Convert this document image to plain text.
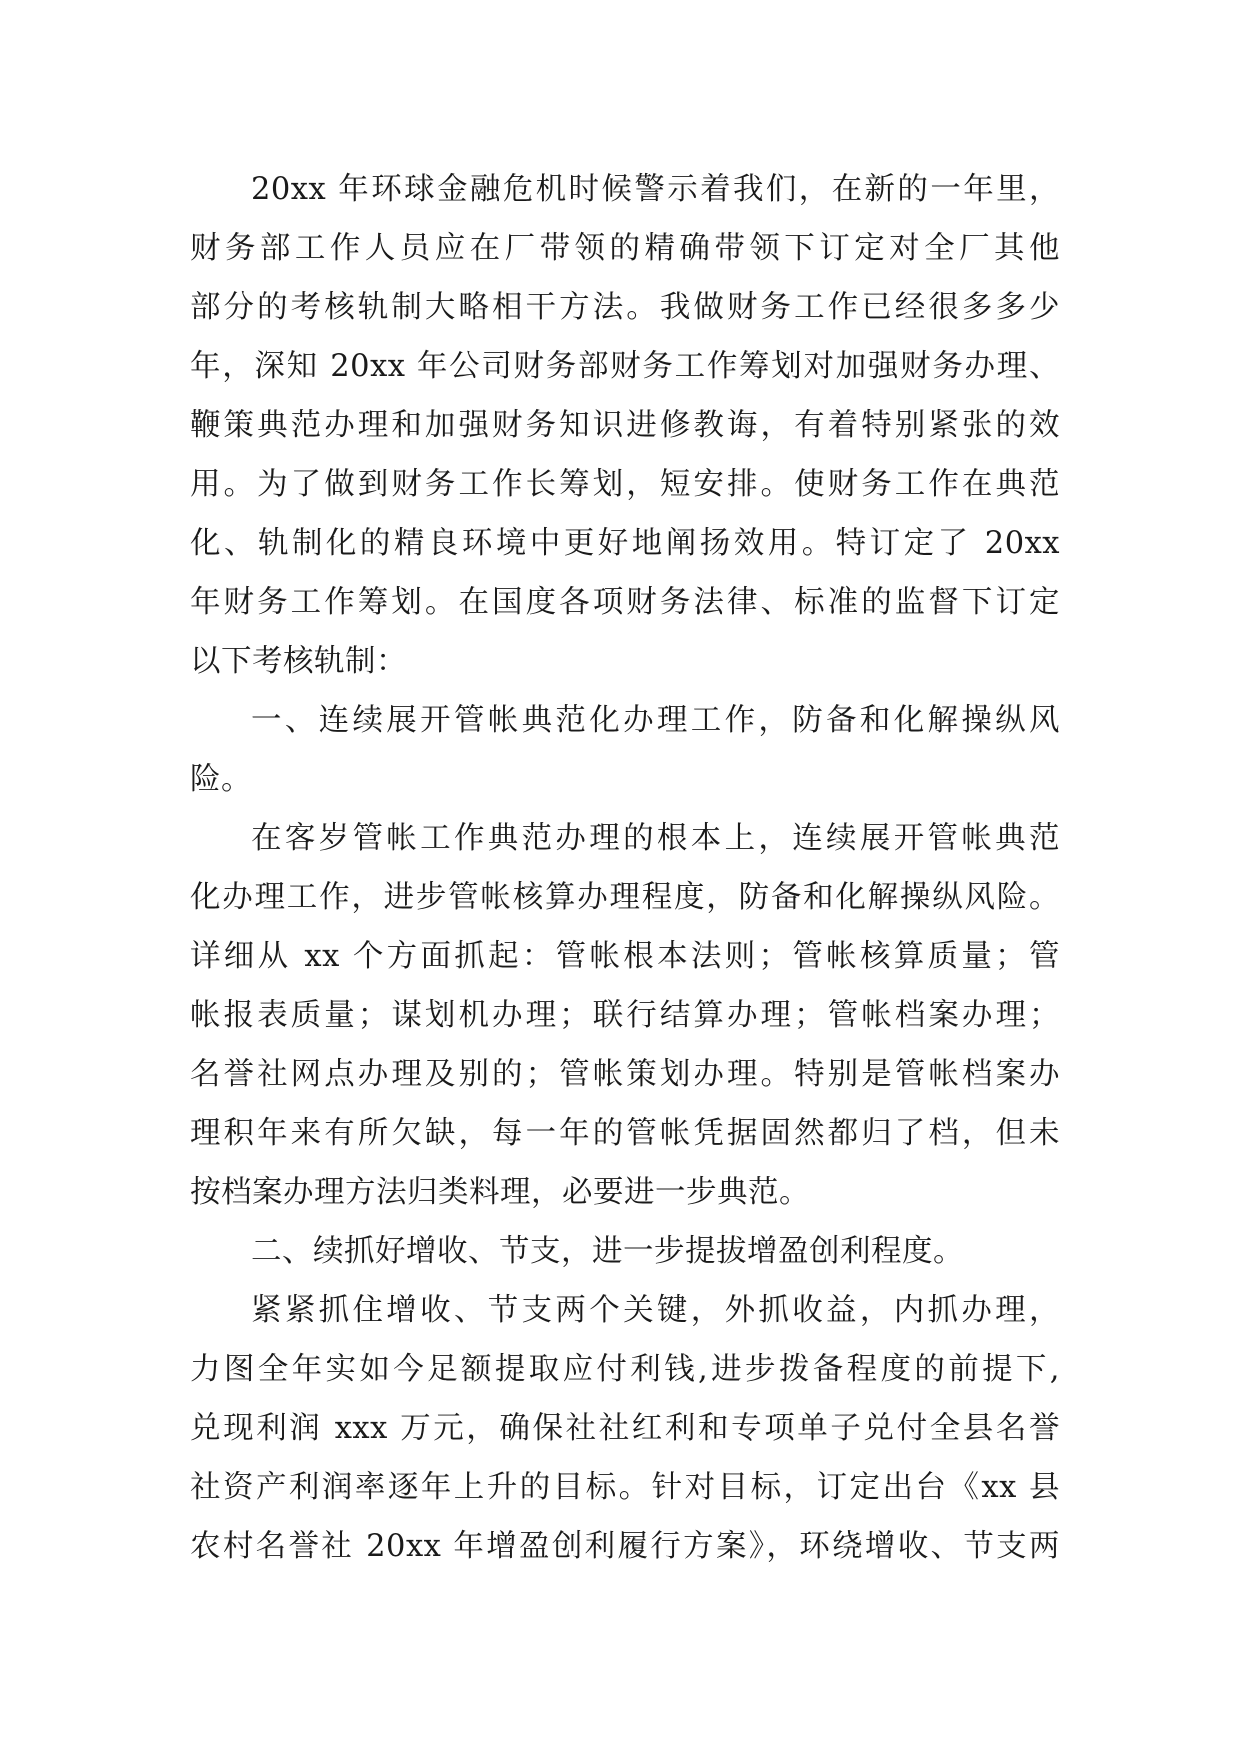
20xx 年环球金融危机时候警示着我们，在新的一年里，
财务部工作人员应在厂带领的精确带领下订定对全厂其他
部分的考核轨制大略相干方法。我做财务工作已经很多多少
年，深知 20xx 年公司财务部财务工作筹划对加强财务办理、
鞭策典范办理和加强财务知识进修教诲，有着特别紧张的效
用。为了做到财务工作长筹划，短安排。使财务工作在典范
化、轨制化的精良环境中更好地阐扬效用。特订定了 20xx
年财务工作筹划。在国度各项财务法律、标准的监督下订定
以下考核轨制：
一、连续展开管帐典范化办理工作，防备和化解操纵风
险。
在客岁管帐工作典范办理的根本上，连续展开管帐典范
化办理工作，进步管帐核算办理程度，防备和化解操纵风险。
详细从 xx 个方面抓起：管帐根本法则；管帐核算质量；管
帐报表质量；谋划机办理；联行结算办理；管帐档案办理；
名誉社网点办理及别的；管帐策划办理。特别是管帐档案办
理积年来有所欠缺，每一年的管帐凭据固然都归了档，但未
按档案办理方法归类料理，必要进一步典范。
二、续抓好增收、节支，进一步提拔增盈创利程度。
紧紧抓住增收、节支两个关键，外抓收益，内抓办理，
力图全年实如今足额提取应付利钱,进步拨备程度的前提下,
兑现利润 xxx 万元，确保社社红利和专项单子兑付全县名誉
社资产利润率逐年上升的目标。针对目标，订定出台《xx 县
农村名誉社 20xx 年增盈创利履行方案》，环绕增收、节支两
